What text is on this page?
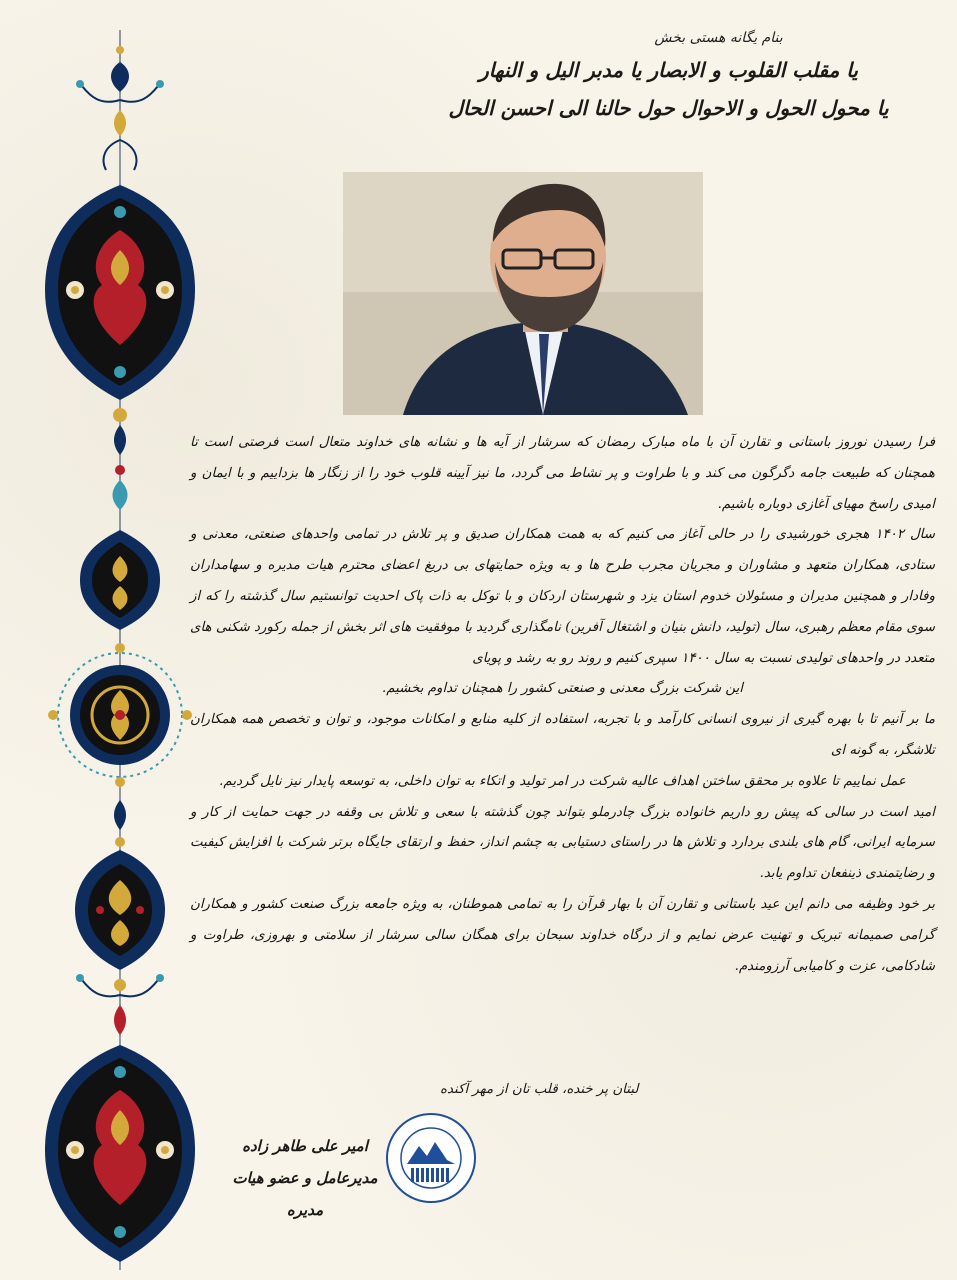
بنام یگانه هستی بخش
یا مقلب القلوب و الابصار یا مدبر الیل و النهار
یا محول الحول و الاحوال حول حالنا الی احسن الحال

فرا رسیدن نوروز باستانی و تقارن آن با ماه مبارک رمضان که سرشار از آیه ها و نشانه های خداوند متعال است فرصتی است تا همچنان که طبیعت جامه دگرگون می کند و با طراوت و پر نشاط می گردد، ما نیز آیینه قلوب خود را از زنگار ها بزداییم و با ایمان و امیدی راسخ مهیای آغازی دوباره باشیم.

سال ۱۴۰۲ هجری خورشیدی را در حالی آغاز می کنیم که به همت همکاران صدیق و پر تلاش در تمامی واحدهای صنعتی، معدنی و ستادی، همکاران متعهد و مشاوران و مجریان مجرب طرح ها و به ویژه حمایتهای بی دریغ اعضای محترم هیات مدیره و سهامداران وفادار و همچنین مدیران و مسئولان خدوم استان یزد و شهرستان اردکان و با توکل به ذات پاک احدیت توانستیم سال گذشته را که از سوی مقام معظم رهبری، سال (تولید، دانش بنیان و اشتغال آفرین) نامگذاری گردید با موفقیت های اثر بخش از جمله رکورد شکنی های متعدد در واحدهای تولیدی نسبت به سال ۱۴۰۰ سپری کنیم و روند رو به رشد و پویای

این شرکت بزرگ معدنی و صنعتی کشور را همچنان تداوم بخشیم.

ما بر آنیم تا با بهره گیری از نیروی انسانی کارآمد و با تجربه، استفاده از کلیه منابع و امکانات موجود، و توان و تخصص همه همکاران تلاشگر، به گونه ای

عمل نماییم تا علاوه بر محقق ساختن اهداف عالیه شرکت در امر تولید و اتکاء به توان داخلی، به توسعه پایدار نیز نایل گردیم.

امید است در سالی که پیش رو داریم خانواده بزرگ چادرملو بتواند چون گذشته با سعی و تلاش بی وقفه در جهت حمایت از کار و سرمایه ایرانی، گام های بلندی بردارد و تلاش ها در راستای دستیابی به چشم انداز، حفظ و ارتقای جایگاه برتر شرکت با افزایش کیفیت و رضایتمندی ذینفعان تداوم یابد.

بر خود وظیفه می دانم این عید باستانی و تقارن آن با بهار قرآن را به تمامی هموطنان، به ویژه جامعه بزرگ صنعت کشور و همکاران گرامی صمیمانه تبریک و تهنیت عرض نمایم و از درگاه خداوند سبحان برای همگان سالی سرشار از سلامتی و بهروزی، طراوت و شادکامی، عزت و کامیابی آرزومندم.

لبتان پر خنده، قلب تان از مهر آکنده
امیر علی طاهر زاده
مدیرعامل و عضو هیات مدیره
